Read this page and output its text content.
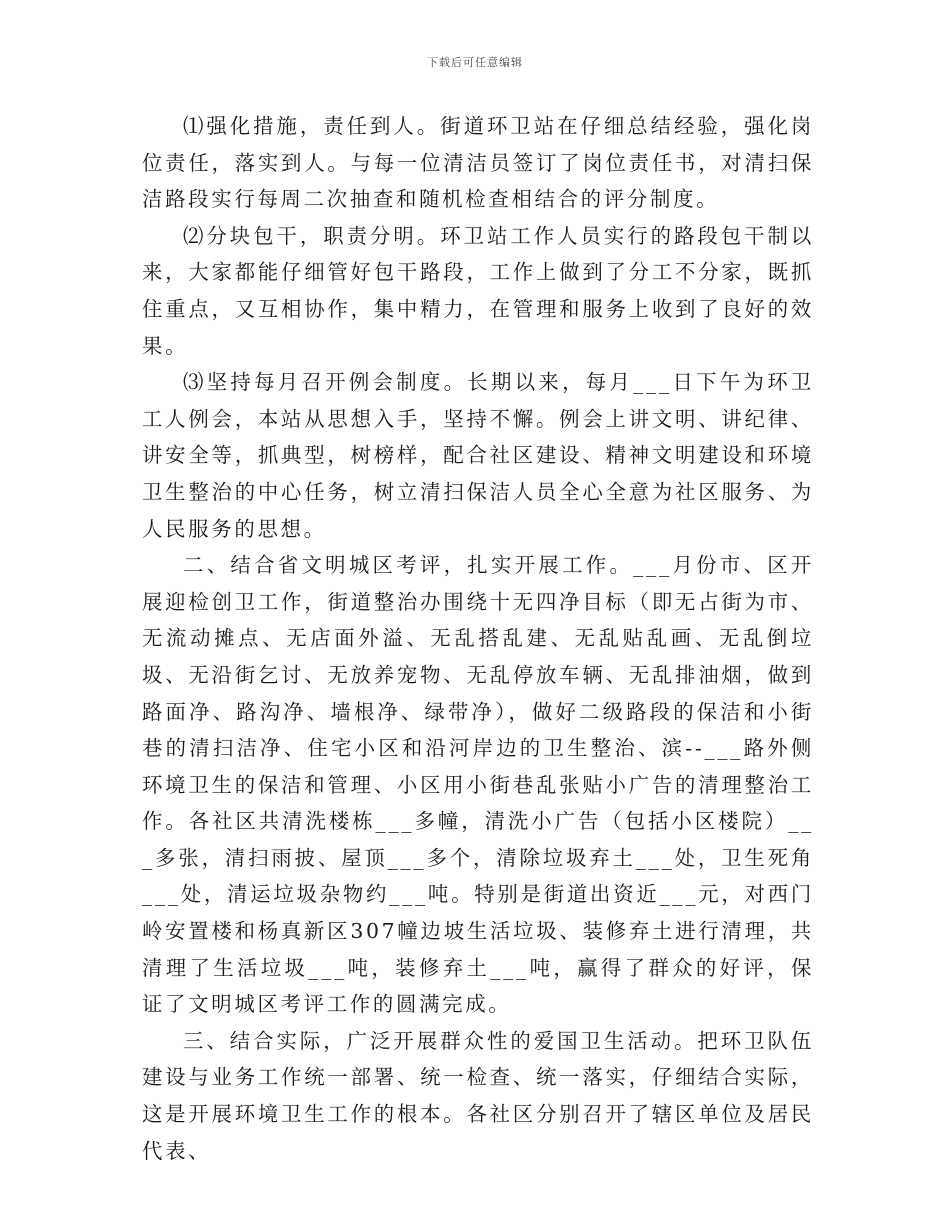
下载后可任意编辑

⑴强化措施，责任到人。街道环卫站在仔细总结经验，强化岗位责任，落实到人。与每一位清洁员签订了岗位责任书，对清扫保洁路段实行每周二次抽查和随机检查相结合的评分制度。

⑵分块包干，职责分明。环卫站工作人员实行的路段包干制以来，大家都能仔细管好包干路段，工作上做到了分工不分家，既抓住重点，又互相协作，集中精力，在管理和服务上收到了良好的效果。

⑶坚持每月召开例会制度。长期以来，每月___日下午为环卫工人例会，本站从思想入手，坚持不懈。例会上讲文明、讲纪律、讲安全等，抓典型，树榜样，配合社区建设、精神文明建设和环境卫生整治的中心任务，树立清扫保洁人员全心全意为社区服务、为人民服务的思想。

二、结合省文明城区考评，扎实开展工作。___月份市、区开展迎检创卫工作，街道整治办围绕十无四净目标（即无占街为市、无流动摊点、无店面外溢、无乱搭乱建、无乱贴乱画、无乱倒垃圾、无沿街乞讨、无放养宠物、无乱停放车辆、无乱排油烟，做到路面净、路沟净、墙根净、绿带净），做好二级路段的保洁和小街巷的清扫洁净、住宅小区和沿河岸边的卫生整治、滨--___路外侧环境卫生的保洁和管理、小区用小街巷乱张贴小广告的清理整治工作。各社区共清洗楼栋___多幢，清洗小广告（包括小区楼院）___多张，清扫雨披、屋顶___多个，清除垃圾弃土___处，卫生死角___处，清运垃圾杂物约___吨。特别是街道出资近___元，对西门岭安置楼和杨真新区307幢边坡生活垃圾、装修弃土进行清理，共清理了生活垃圾___吨，装修弃土___吨，赢得了群众的好评，保证了文明城区考评工作的圆满完成。

三、结合实际，广泛开展群众性的爱国卫生活动。把环卫队伍建设与业务工作统一部署、统一检查、统一落实，仔细结合实际，这是开展环境卫生工作的根本。各社区分别召开了辖区单位及居民代表、
